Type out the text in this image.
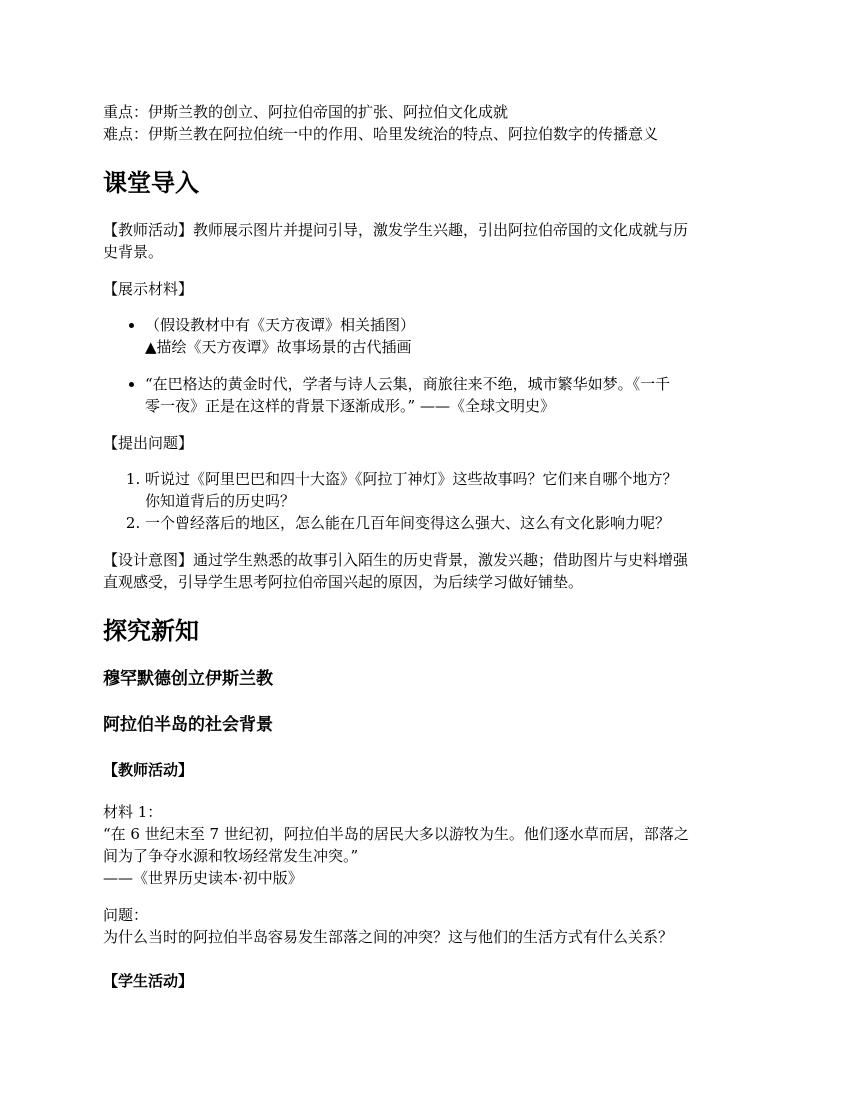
重点：伊斯兰教的创立、阿拉伯帝国的扩张、阿拉伯文化成就
难点：伊斯兰教在阿拉伯统一中的作用、哈里发统治的特点、阿拉伯数字的传播意义

课堂导入

【教师活动】教师展示图片并提问引导，激发学生兴趣，引出阿拉伯帝国的文化成就与历
史背景。

【展示材料】

• （假设教材中有《天方夜谭》相关插图）
▲描绘《天方夜谭》故事场景的古代插画
• “在巴格达的黄金时代，学者与诗人云集，商旅往来不绝，城市繁华如梦。《一千
零一夜》正是在这样的背景下逐渐成形。” ——《全球文明史》

【提出问题】

1. 听说过《阿里巴巴和四十大盗》《阿拉丁神灯》这些故事吗？它们来自哪个地方？
你知道背后的历史吗？
2. 一个曾经落后的地区，怎么能在几百年间变得这么强大、这么有文化影响力呢？

【设计意图】通过学生熟悉的故事引入陌生的历史背景，激发兴趣；借助图片与史料增强
直观感受，引导学生思考阿拉伯帝国兴起的原因，为后续学习做好铺垫。

探究新知
穆罕默德创立伊斯兰教
阿拉伯半岛的社会背景

【教师活动】

材料 1：
“在 6 世纪末至 7 世纪初，阿拉伯半岛的居民大多以游牧为生。他们逐水草而居，部落之
间为了争夺水源和牧场经常发生冲突。”
——《世界历史读本·初中版》

问题：
为什么当时的阿拉伯半岛容易发生部落之间的冲突？这与他们的生活方式有什么关系？

【学生活动】
